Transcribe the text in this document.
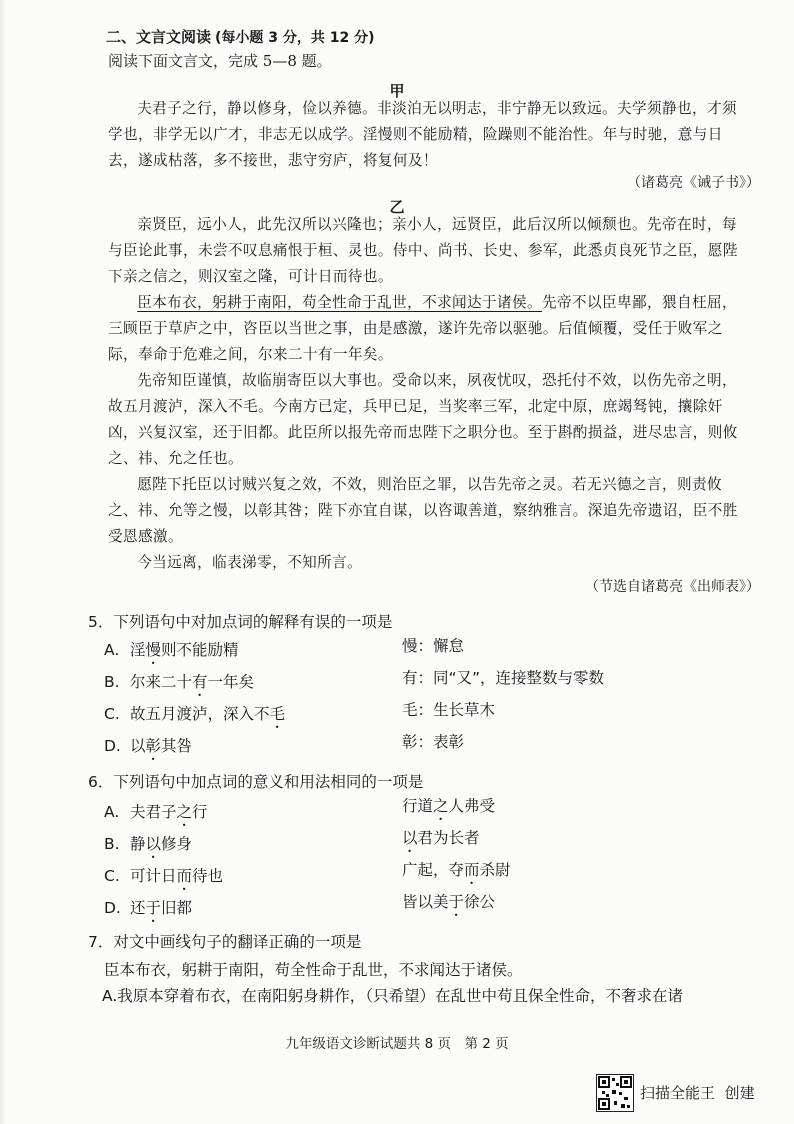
二、文言文阅读 (每小题 3 分，共 12 分)
阅读下面文言文，完成 5—8 题。
甲

夫君子之行，静以修身，俭以养德。非淡泊无以明志，非宁静无以致远。夫学须静也，才须学也，非学无以广才，非志无以成学。淫慢则不能励精，险躁则不能治性。年与时驰，意与日去，遂成枯落，多不接世，悲守穷庐，将复何及！

（诸葛亮《诫子书》）
乙

亲贤臣，远小人，此先汉所以兴隆也；亲小人，远贤臣，此后汉所以倾颓也。先帝在时，每与臣论此事，未尝不叹息痛恨于桓、灵也。侍中、尚书、长史、参军，此悉贞良死节之臣，愿陛下亲之信之，则汉室之隆，可计日而待也。

臣本布衣，躬耕于南阳，苟全性命于乱世，不求闻达于诸侯。先帝不以臣卑鄙，猥自枉屈，三顾臣于草庐之中，咨臣以当世之事，由是感激，遂许先帝以驱驰。后值倾覆，受任于败军之际，奉命于危难之间，尔来二十有一年矣。

先帝知臣谨慎，故临崩寄臣以大事也。受命以来，夙夜忧叹，恐托付不效，以伤先帝之明，故五月渡泸，深入不毛。今南方已定，兵甲已足，当奖率三军，北定中原，庶竭驽钝，攘除奸凶，兴复汉室，还于旧都。此臣所以报先帝而忠陛下之职分也。至于斟酌损益，进尽忠言，则攸之、祎、允之任也。

愿陛下托臣以讨贼兴复之效，不效，则治臣之罪，以告先帝之灵。若无兴德之言，则责攸之、祎、允等之慢，以彰其咎；陛下亦宜自谋，以咨诹善道，察纳雅言。深追先帝遗诏，臣不胜受恩感激。

今当远离，临表涕零，不知所言。

（节选自诸葛亮《出师表》）
5．下列语句中对加点词的解释有误的一项是
A. 淫慢则不能励精	慢：懈怠
B. 尔来二十有一年矣	有：同“又”，连接整数与零数
C. 故五月渡泸，深入不毛	毛：生长草木
D. 以彰其咎	彰：表彰
6．下列语句中加点词的意义和用法相同的一项是
A. 夫君子之行	行道之人弗受
B. 静以修身	以君为长者
C. 可计日而待也	广起，夺而杀尉
D. 还于旧都	皆以美于徐公
7．对文中画线句子的翻译正确的一项是
臣本布衣，躬耕于南阳，苟全性命于乱世，不求闻达于诸侯。
A.我原本穿着布衣，在南阳躬身耕作，（只希望）在乱世中苟且保全性命，不奢求在诸
九年级语文诊断试题共 8 页　第 2 页
扫描全能王 创建
